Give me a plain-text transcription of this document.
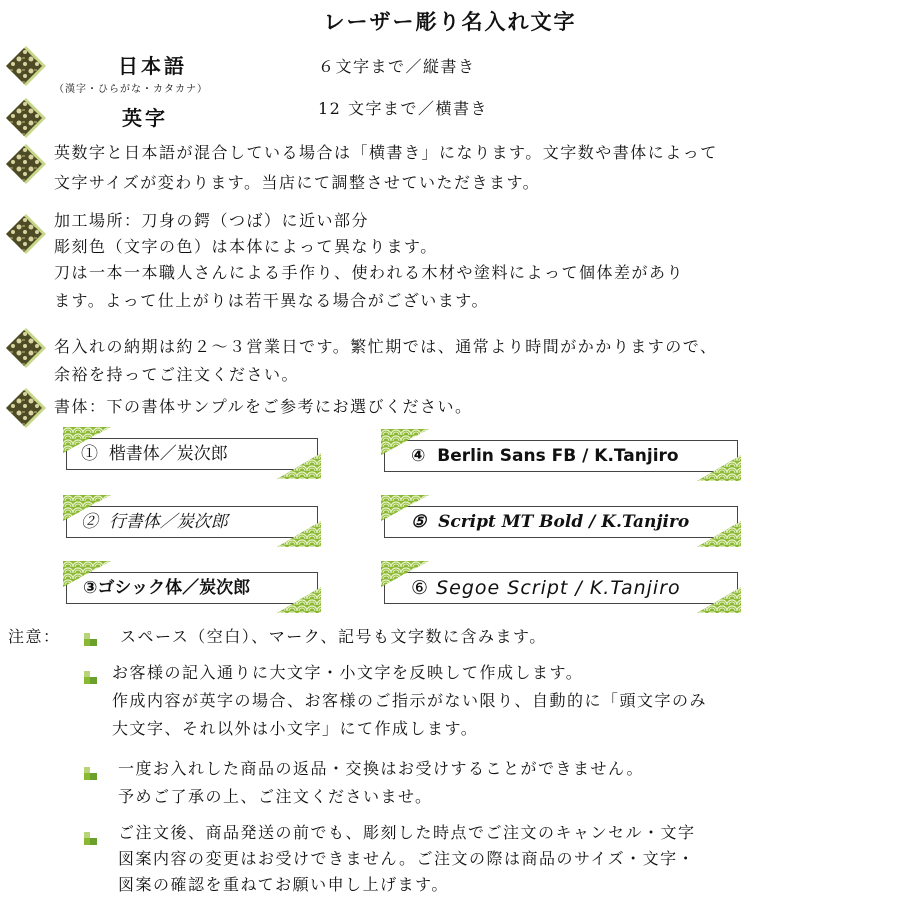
レーザー彫り名入れ文字
日本語
（漢字・ひらがな・カタカナ）
６文字まで／縦書き
英字	12 文字まで／横書き
英数字と日本語が混合している場合は「横書き」になります。文字数や書体によって
文字サイズが変わります。当店にて調整させていただきます。
加工場所：刀身の鍔（つば）に近い部分
彫刻色（文字の色）は本体によって異なります。
刀は一本一本職人さんによる手作り、使われる木材や塗料によって個体差があり
ます。よって仕上がりは若干異なる場合がございます。
名入れの納期は約２～３営業日です。繁忙期では、通常より時間がかかりますので、
余裕を持ってご注文ください。
書体：下の書体サンプルをご参考にお選びください。
① 楷書体／炭次郎
② 行書体／炭次郎
③ゴシック体／炭次郎
④ Berlin Sans FB / K.Tanjiro
⑤ Script MT Bold / K.Tanjiro
⑥ Segoe Script / K.Tanjiro
注意：	スペース（空白）、マーク、記号も文字数に含みます。
お客様の記入通りに大文字・小文字を反映して作成します。
作成内容が英字の場合、お客様のご指示がない限り、自動的に「頭文字のみ
大文字、それ以外は小文字」にて作成します。
一度お入れした商品の返品・交換はお受けすることができません。
予めご了承の上、ご注文くださいませ。
ご注文後、商品発送の前でも、彫刻した時点でご注文のキャンセル・文字
図案内容の変更はお受けできません。ご注文の際は商品のサイズ・文字・
図案の確認を重ねてお願い申し上げます。
